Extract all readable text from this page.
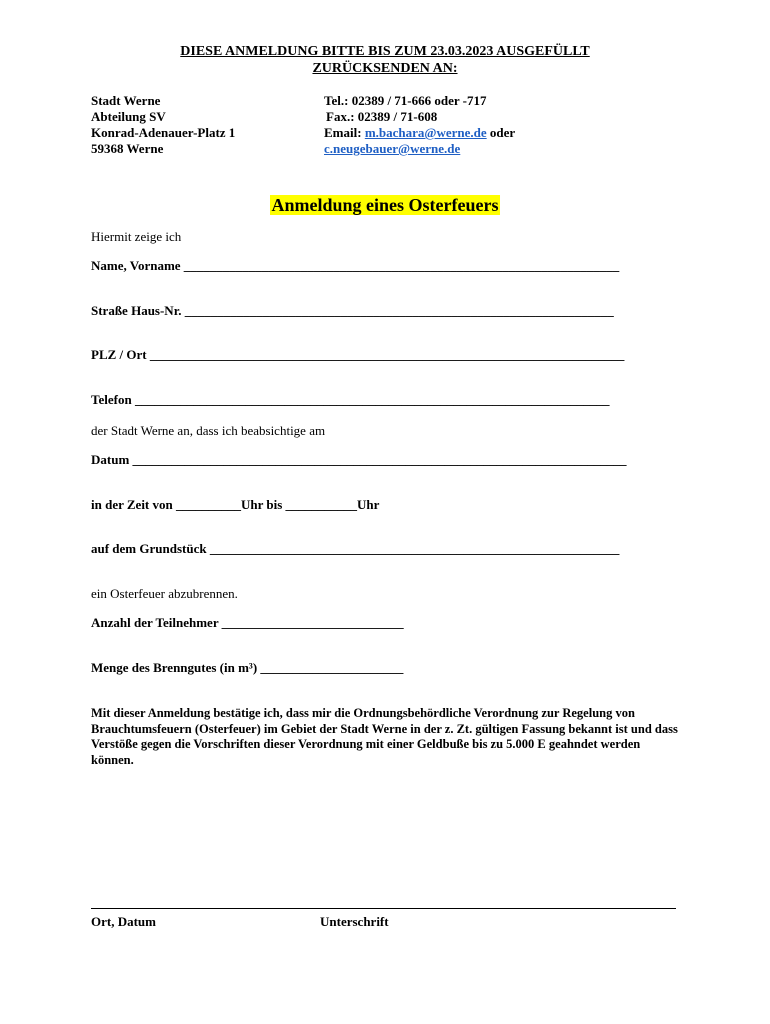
DIESE ANMELDUNG BITTE BIS ZUM 23.03.2023 AUSGEFÜLLT
ZURÜCKSENDEN AN:
Stadt Werne
Abteilung SV
Konrad-Adenauer-Platz 1
59368 Werne
Tel.: 02389 / 71-666 oder -717
Fax.: 02389 / 71-608
Email: m.bachara@werne.de oder
c.neugebauer@werne.de
Anmeldung eines Osterfeuers
Hiermit zeige ich
Name, Vorname ___________________________________________________________________
Straße Haus-Nr. __________________________________________________________________
PLZ / Ort _________________________________________________________________________
Telefon _________________________________________________________________________
der Stadt Werne an, dass ich beabsichtige am
Datum ____________________________________________________________________________
in der Zeit von __________Uhr bis ___________Uhr
auf dem Grundstück _______________________________________________________________
ein Osterfeuer abzubrennen.
Anzahl der Teilnehmer ____________________________
Menge des Brenngutes (in m³) ______________________
Mit dieser Anmeldung bestätige ich, dass mir die Ordnungsbehördliche Verordnung zur Regelung von Brauchtumsfeuern (Osterfeuer) im Gebiet der Stadt Werne in der z. Zt. gültigen Fassung bekannt ist und dass Verstöße gegen die Vorschriften dieser Verordnung mit einer Geldbuße bis zu 5.000 E geahndet werden können.
Ort, Datum	Unterschrift
